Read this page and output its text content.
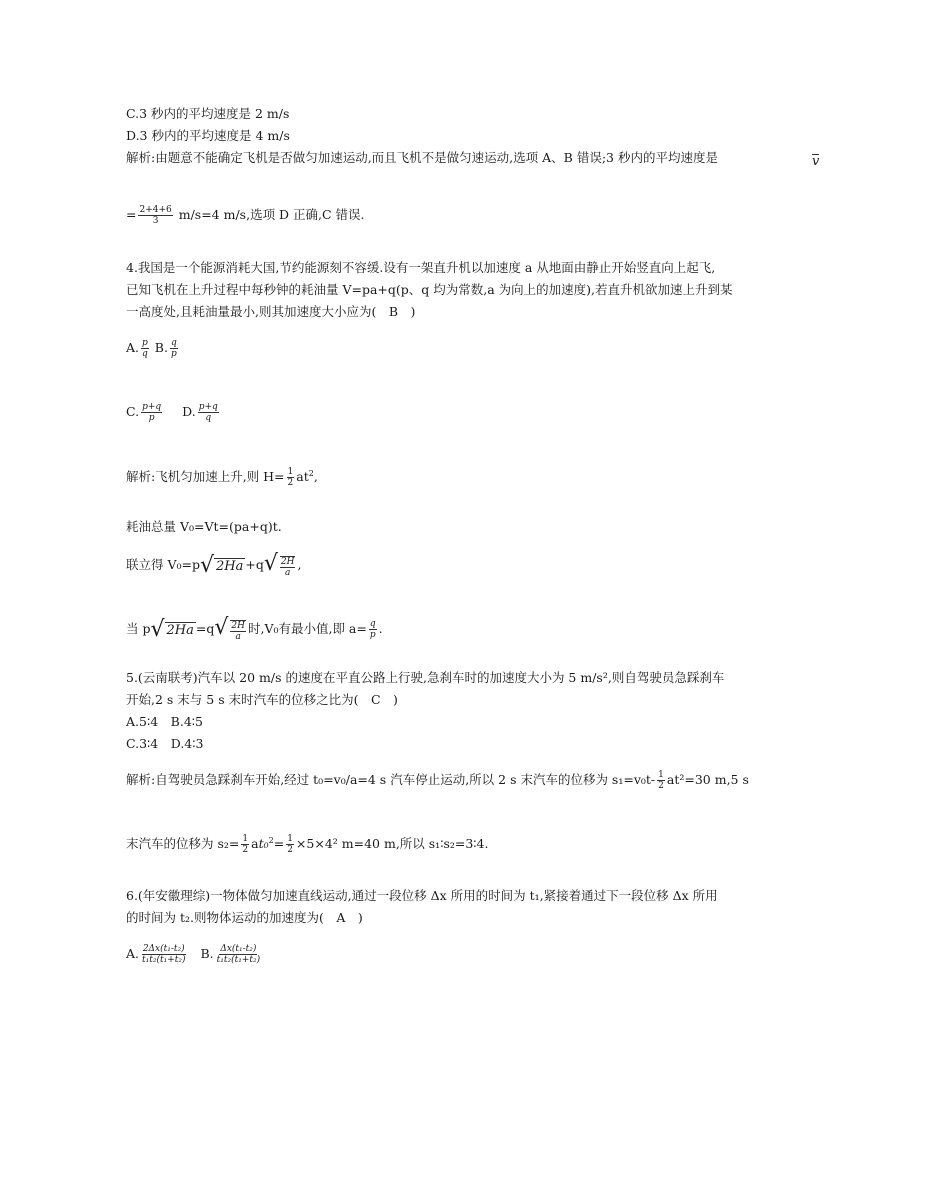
C.3 秒内的平均速度是 2 m/s
D.3 秒内的平均速度是 4 m/s
解析:由题意不能确定飞机是否做匀加速运动,而且飞机不是做匀速运动,选项 A、B 错误;3 秒内的平均速度是	v
= $\frac{2+4+6}{3} m/s=4$ m/s,选项 D 正确,C 错误.
4.我国是一个能源消耗大国,节约能源刻不容缓.设有一架直升机以加速度 a 从地面由静止开始竖直向上起飞,
已知飞机在上升过程中每秒钟的耗油量 V=pa+q(p、q 均为常数,a 为向上的加速度),若直升机欲加速上升到某
一高度处,且耗油量最小,则其加速度大小应为(　B　)
A. $\frac{p}{q} B$. $\frac{q}{p}$
C. $\frac{p+q}{p} D$. $\frac{p+q}{q}$
解析:飞机匀加速上升,则 $H= \frac{1}{2} at^2$,
耗油总量 V₀=Vt=(pa+q)t.
联立得 V₀=p √ 2Ha +q √ 2H
a
,
当 p √ 2Ha =q √ 2H
a
时,V₀有最小值,即 $a= \frac{q}{p}$ .
5.(云南联考)汽车以 20 m/s 的速度在平直公路上行驶,急刹车时的加速度大小为 5 m/s²,则自驾驶员急踩刹车
开始,2 s 末与 5 s 末时汽车的位移之比为(　C　)
A.5∶4　B.4∶5
C.3∶4　D.4∶3
解析:自驾驶员急踩刹车开始,经过 t₀=v₀/a=4 s 汽车停止运动,所以 2 s 末汽车的位移为 $s_1=v_0t- \frac{1}{2} at^2=30$ m,5 s
末汽车的位移为 $s_2= \frac{1}{2} at_0^2= \frac{1}{2} \times 5\times 4^2$ m=40 m,所以 s₁∶s₂=3∶4.
6.(年安徽理综)一物体做匀加速直线运动,通过一段位移 Δx 所用的时间为 t₁,紧接着通过下一段位移 Δx 所用
的时间为 t₂.则物体运动的加速度为(　A　)
A. $\frac{\text{2Δx(t₁-t₂)}}{\text{t₁t₂(t₁+t₂)}} B$. $\frac{\text{Δx(t₁-t₂)}}{\text{t₁t₂(t₁+t₂)}}$
